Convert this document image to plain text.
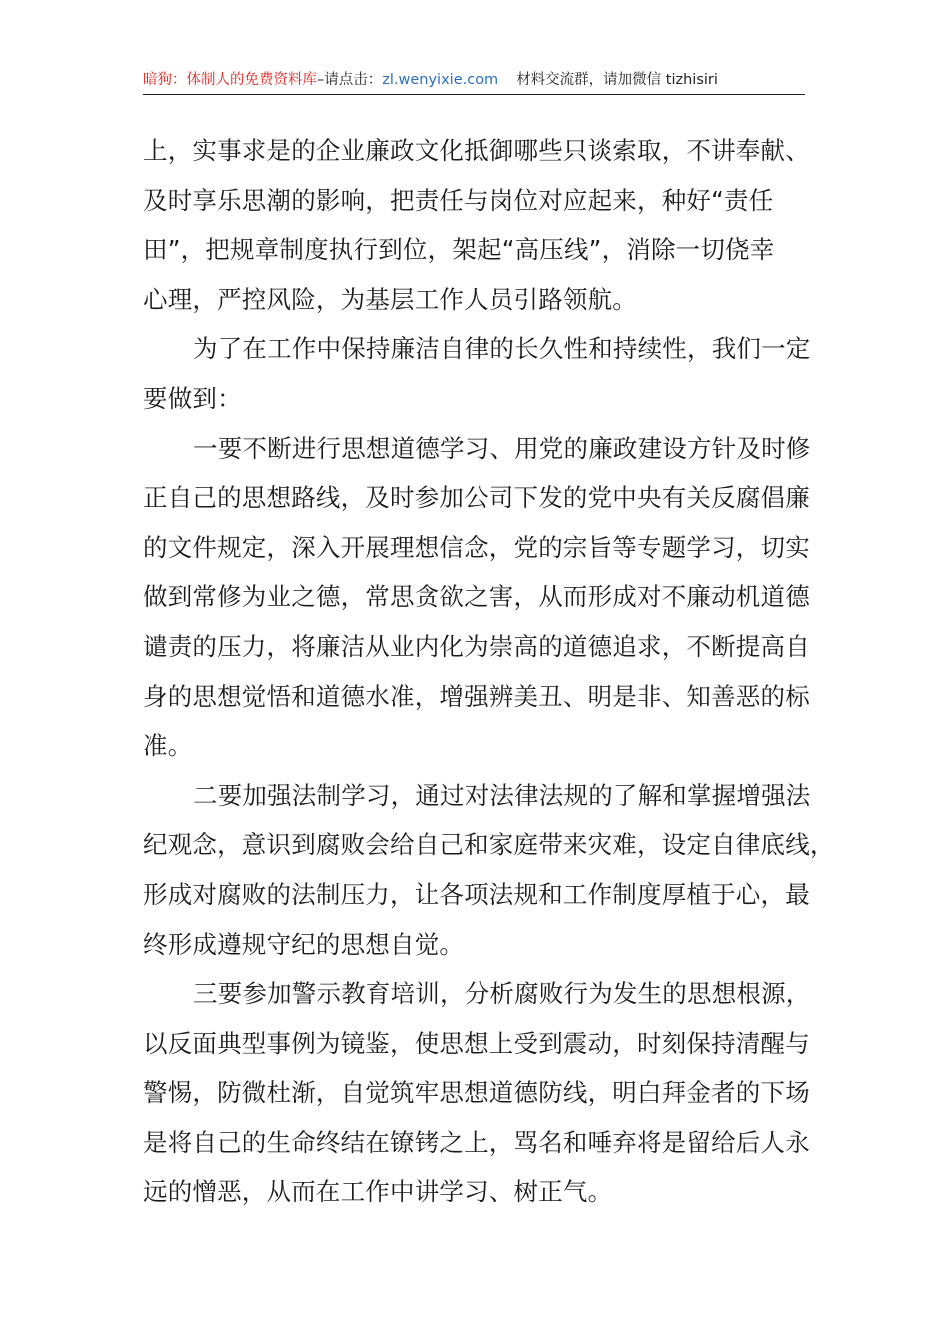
暗狗：体制人的免费资料库–请点击：zl.wenyixie.com 材料交流群，请加微信 tizhisiri
上，实事求是的企业廉政文化抵御哪些只谈索取，不讲奉献、
及时享乐思潮的影响，把责任与岗位对应起来，种好“责任
田”，把规章制度执行到位，架起“高压线”，消除一切侥幸
心理，严控风险，为基层工作人员引路领航。
为了在工作中保持廉洁自律的长久性和持续性，我们一定
要做到：
一要不断进行思想道德学习、用党的廉政建设方针及时修
正自己的思想路线，及时参加公司下发的党中央有关反腐倡廉
的文件规定，深入开展理想信念，党的宗旨等专题学习，切实
做到常修为业之德，常思贪欲之害，从而形成对不廉动机道德
谴责的压力，将廉洁从业内化为崇高的道德追求，不断提高自
身的思想觉悟和道德水准，增强辨美丑、明是非、知善恶的标
准。
二要加强法制学习，通过对法律法规的了解和掌握增强法
纪观念，意识到腐败会给自己和家庭带来灾难，设定自律底线，
形成对腐败的法制压力，让各项法规和工作制度厚植于心，最
终形成遵规守纪的思想自觉。
三要参加警示教育培训，分析腐败行为发生的思想根源，
以反面典型事例为镜鉴，使思想上受到震动，时刻保持清醒与
警惕，防微杜渐，自觉筑牢思想道德防线，明白拜金者的下场
是将自己的生命终结在镣铐之上，骂名和唾弃将是留给后人永
远的憎恶，从而在工作中讲学习、树正气。
